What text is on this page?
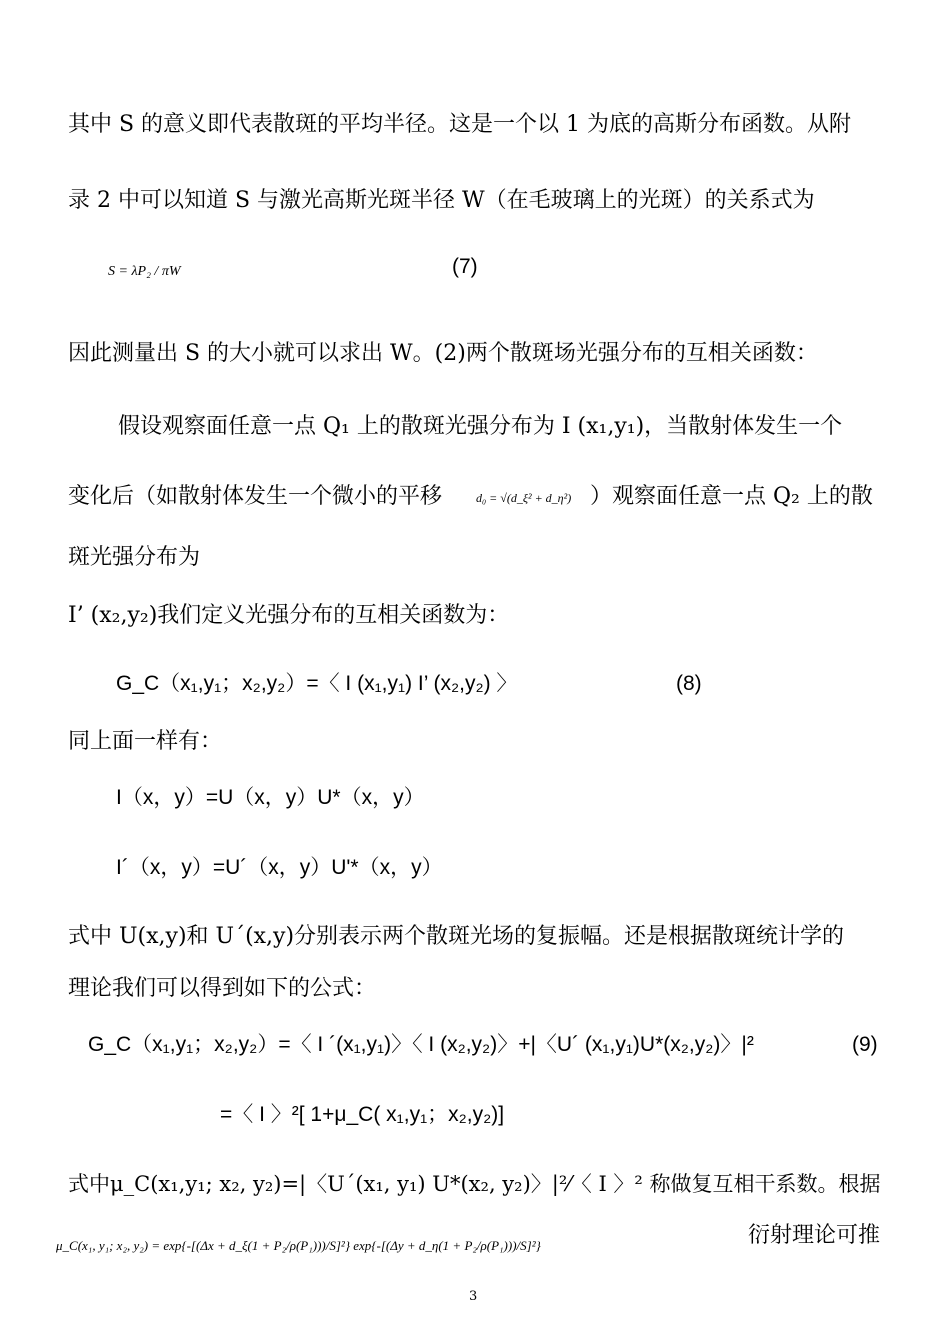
其中 S 的意义即代表散斑的平均半径。这是一个以 1 为底的高斯分布函数。从附
录 2 中可以知道 S 与激光高斯光斑半径 W（在毛玻璃上的光斑）的关系式为
S = λP₂ / πW	(7)
因此测量出 S 的大小就可以求出 W。(2)两个散斑场光强分布的互相关函数：
假设观察面任意一点 Q₁ 上的散斑光强分布为 I (x₁,y₁)，当散射体发生一个
变化后（如散射体发生一个微小的平移	d₀ = √(d_ξ² + d_η²) ）观察面任意一点 Q₂ 上的散
斑光强分布为
I’ (x₂,y₂)我们定义光强分布的互相关函数为：
G_C（x₁,y₁；x₂,y₂）=〈 I (x₁,y₁) I’ (x₂,y₂) 〉	(8)
同上面一样有：
I（x，y）=U（x，y）U*（x，y）
I´（x，y）=U´（x，y）U'*（x，y）
式中 U(x,y)和 U´(x,y)分别表示两个散斑光场的复振幅。还是根据散斑统计学的
理论我们可以得到如下的公式：
G_C（x₁,y₁；x₂,y₂）=〈 I ´(x₁,y₁)〉〈 I (x₂,y₂)〉+|〈U´ (x₁,y₁)U*(x₂,y₂)〉|²	(9)
=〈 I 〉²[ 1+μ_C( x₁,y₁；x₂,y₂)]
式中μ_C(x₁,y₁; x₂, y₂)=|〈U´(x₁, y₁) U*(x₂, y₂)〉|²⁄〈 I 〉² 称做复互相干系数。根据
μ_C(x₁, y₁; x₂, y₂) = exp{-[(Δx + d_ξ(1 + P₂/ρ(P₁)))/S]²} exp{-[(Δy + d_η(1 + P₂/ρ(P₁)))/S]²}	衍射理论可推
3
